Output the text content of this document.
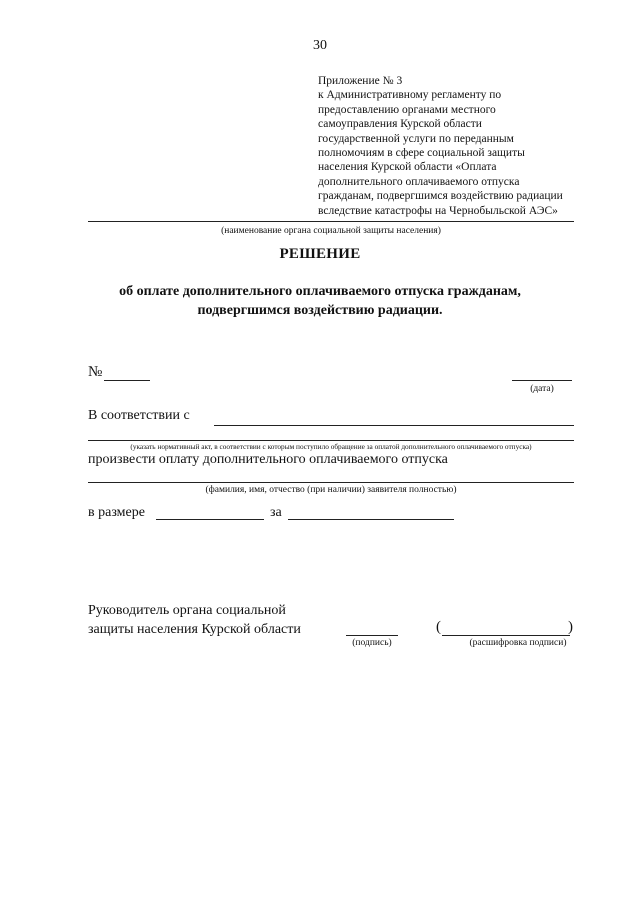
30
Приложение № 3
к Административному регламенту по
предоставлению органами местного
самоуправления Курской области
государственной услуги по переданным
полномочиям в сфере социальной защиты
населения Курской области «Оплата
дополнительного оплачиваемого отпуска
гражданам, подвергшимся воздействию радиации
вследствие катастрофы на Чернобыльской АЭС»
(наименование органа социальной защиты населения)
РЕШЕНИЕ
об оплате дополнительного оплачиваемого отпуска гражданам,
подвергшимся воздействию радиации.
№
(дата)
В соответствии с
(указать нормативный акт, в соответствии с которым поступило обращение за оплатой дополнительного оплачиваемого отпуска)
произвести оплату дополнительного оплачиваемого отпуска
(фамилия, имя, отчество (при наличии) заявителя полностью)
в размере	за
Руководитель органа социальной
защиты населения Курской области
(подпись)
(	)
(расшифровка подписи)
